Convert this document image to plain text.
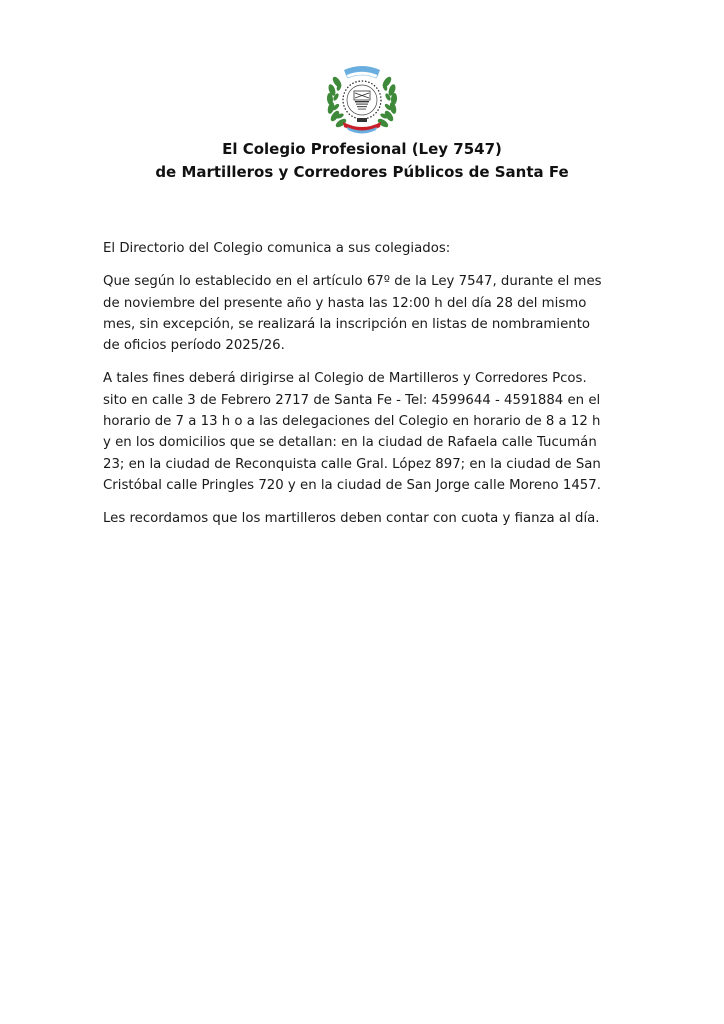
El Colegio Profesional (Ley 7547)
de Martilleros y Corredores Públicos de Santa Fe

El Directorio del Colegio comunica a sus colegiados:

Que según lo establecido en el artículo 67º de la Ley 7547, durante el mes
de noviembre del presente año y hasta las 12:00 h del día 28 del mismo
mes, sin excepción, se realizará la inscripción en listas de nombramiento
de oficios período 2025/26.

A tales fines deberá dirigirse al Colegio de Martilleros y Corredores Pcos.
sito en calle 3 de Febrero 2717 de Santa Fe - Tel: 4599644 - 4591884 en el
horario de 7 a 13 h o a las delegaciones del Colegio en horario de 8 a 12 h
y en los domicilios que se detallan: en la ciudad de Rafaela calle Tucumán
23; en la ciudad de Reconquista calle Gral. López 897; en la ciudad de San
Cristóbal calle Pringles 720 y en la ciudad de San Jorge calle Moreno 1457.

Les recordamos que los martilleros deben contar con cuota y fianza al día.
